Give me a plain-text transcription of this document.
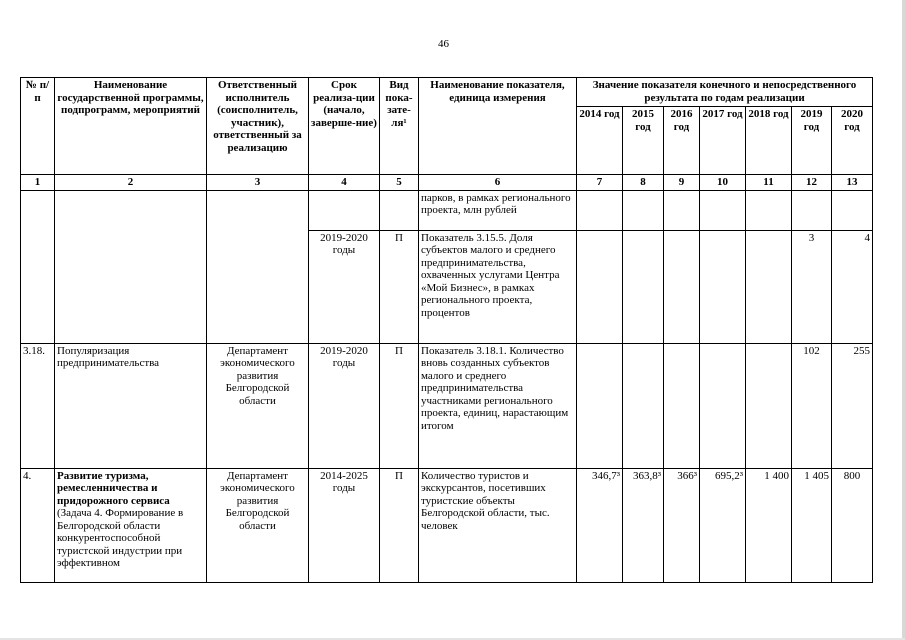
46
№ п/п	Наименование государственной программы, подпрограмм, мероприятий	Ответственный исполнитель (соисполнитель, участник), ответственный за реализацию	Срок реализа-ции (начало, заверше-ние)	Вид пока-зате-ля¹	Наименование показателя, единица измерения	Значение показателя конечного и непосредственного результата по годам реализации						
						2014 год	2015 год	2016 год	2017 год	2018 год	2019 год	2020 год
1	2	3	4	5	6	7	8	9	10	11	12	13
					парков, в рамках регионального проекта, млн рублей							
			2019-2020 годы	П	Показатель 3.15.5. Доля субъектов малого и среднего предпринимательства, охваченных услугами Центра «Мой Бизнес», в рамках регионального проекта, процентов						3	4
3.18.	Популяризация предпринимательства	Департамент экономического развития Белгородской области	2019-2020 годы	П	Показатель 3.18.1. Количество вновь созданных субъектов малого и среднего предпринимательства участниками регионального проекта, единиц, нарастающим итогом						102	255
4.	Развитие туризма, ремесленничества и придорожного сервиса (Задача 4. Формирование в Белгородской области конкурентоспособной туристской индустрии при эффективном	Департамент экономического развития Белгородской области	2014-2025 годы	П	Количество туристов и экскурсантов, посетивших туристские объекты Белгородской области, тыс. человек	346,7³	363,8³	366³	695,2³	1 400	1 405	800
